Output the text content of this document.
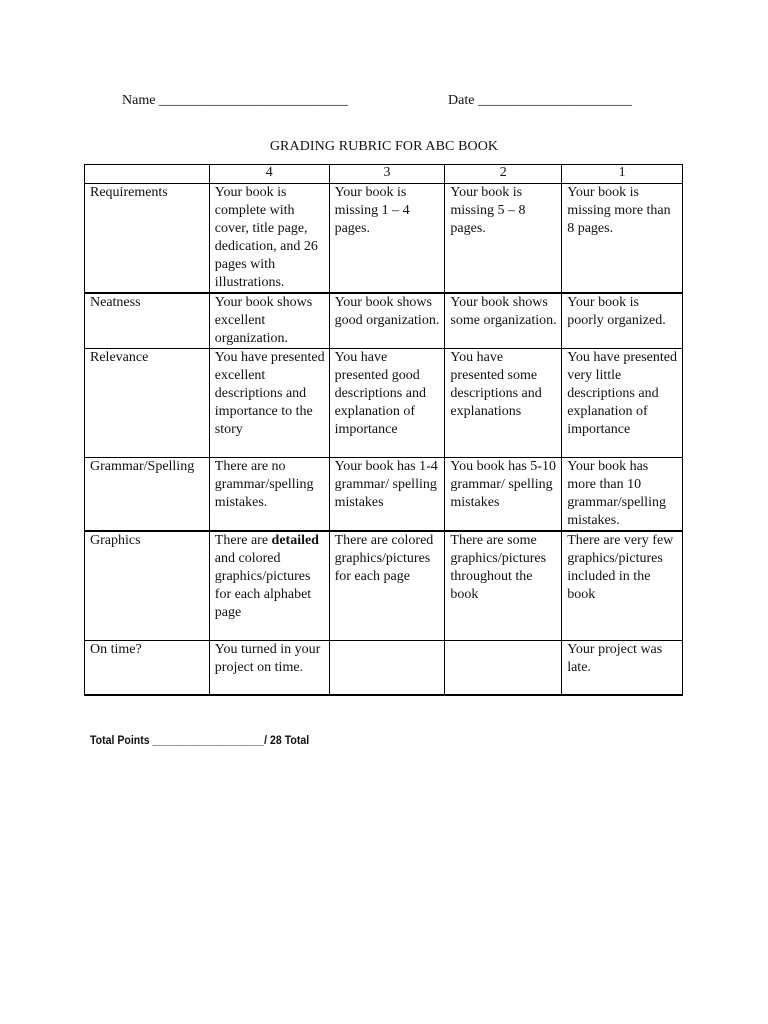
Name ___________________________	Date ______________________
GRADING RUBRIC FOR ABC BOOK
	4	3	2	1
Requirements	Your book is complete with cover, title page, dedication, and 26 pages with illustrations.	Your book is missing 1 – 4 pages.	Your book is missing 5 – 8 pages.	Your book is missing more than 8 pages.
Neatness	Your book shows excellent organization.	Your book shows good organization.	Your book shows some organization.	Your book is poorly organized.
Relevance	You have presented excellent descriptions and importance to the story	You have presented good descriptions and explanation of importance	You have presented some descriptions and explanations	You have presented very little descriptions and explanation of importance
Grammar/Spelling	There are no grammar/spelling mistakes.	Your book has 1-4 grammar/ spelling mistakes	You book has 5-10 grammar/ spelling mistakes	Your book has more than 10 grammar/spelling mistakes.
Graphics	There are detailed and colored graphics/pictures for each alphabet page	There are colored graphics/pictures for each page	There are some graphics/pictures throughout the book	There are very few graphics/pictures included in the book
On time?	You turned in your project on time.			Your project was late.
Total Points ___________________/ 28 Total
